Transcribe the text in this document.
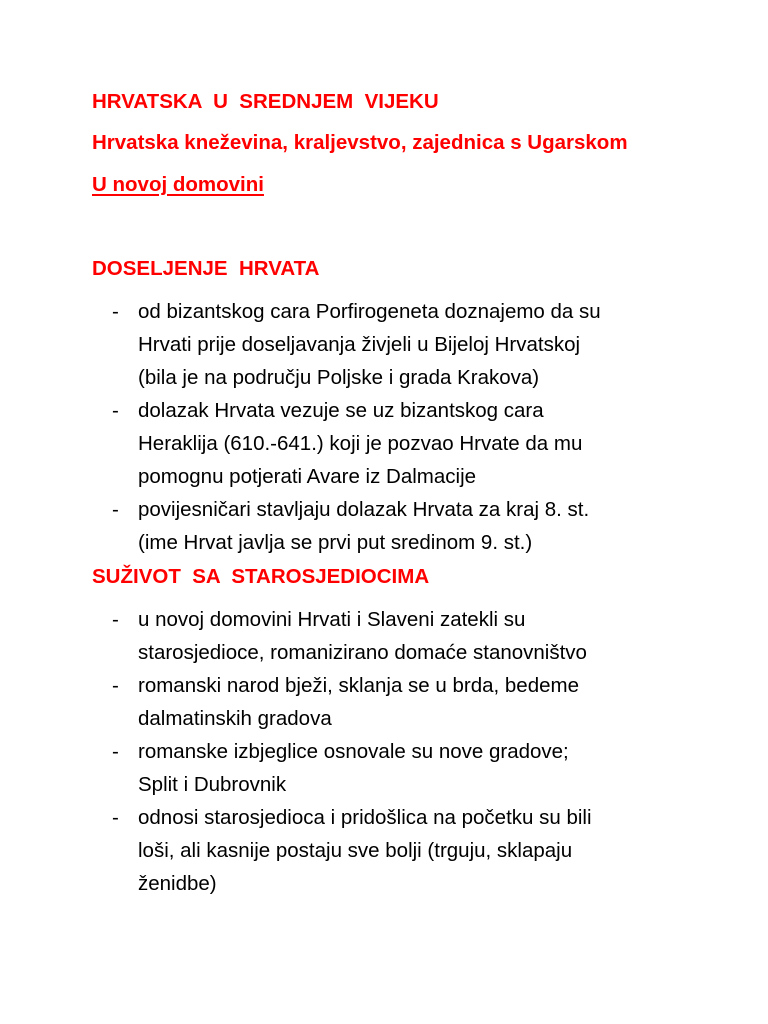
HRVATSKA  U  SREDNJEM  VIJEKU
Hrvatska kneževina, kraljevstvo, zajednica s Ugarskom
U novoj domovini
DOSELJENJE  HRVATA
- od bizantskog cara Porfirogeneta doznajemo da su
Hrvati prije doseljavanja živjeli u Bijeloj Hrvatskoj
(bila je na području Poljske i grada Krakova)
- dolazak Hrvata vezuje se uz bizantskog cara
Heraklija (610.-641.) koji je pozvao Hrvate da mu
pomognu potjerati Avare iz Dalmacije
- povijesničari stavljaju dolazak Hrvata za kraj 8. st.
(ime Hrvat javlja se prvi put sredinom 9. st.)
SUŽIVOT  SA  STAROSJEDIOCIMA
- u novoj domovini Hrvati i Slaveni zatekli su
starosjedioce, romanizirano domaće stanovništvo
- romanski narod bježi, sklanja se u brda, bedeme
dalmatinskih gradova
- romanske izbjeglice osnovale su nove gradove;
Split i Dubrovnik
- odnosi starosjedioca i pridošlica na početku su bili
loši, ali kasnije postaju sve bolji (trguju, sklapaju
ženidbe)
